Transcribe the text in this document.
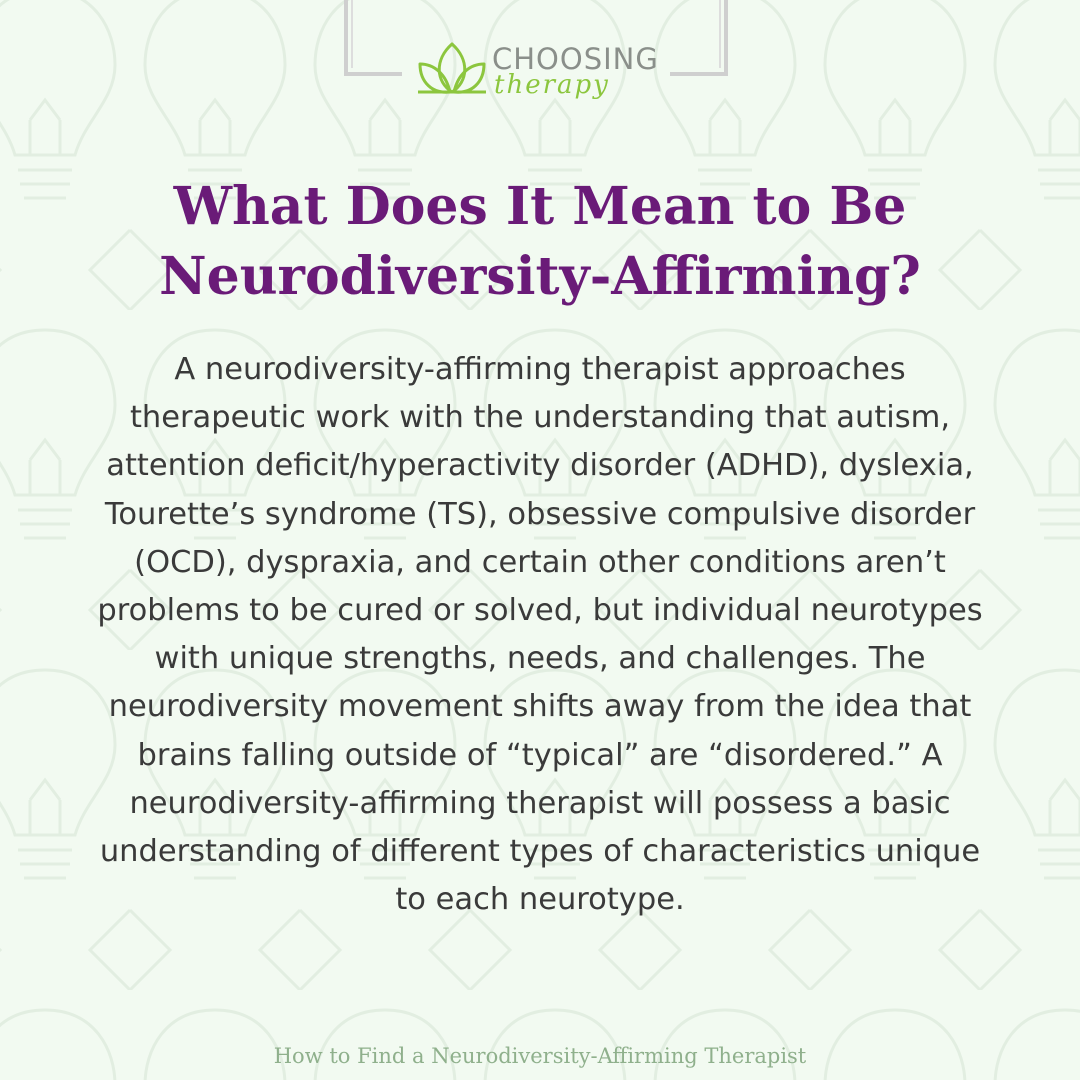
CHOOSING
therapy
What Does It Mean to Be
Neurodiversity-Affirming?

A neurodiversity-affirming therapist approaches therapeutic work with the understanding that autism, attention deficit/hyperactivity disorder (ADHD), dyslexia, Tourette’s syndrome (TS), obsessive compulsive disorder (OCD), dyspraxia, and certain other conditions aren’t problems to be cured or solved, but individual neurotypes with unique strengths, needs, and challenges. The neurodiversity movement shifts away from the idea that brains falling outside of “typical” are “disordered.” A neurodiversity-affirming therapist will possess a basic understanding of different types of characteristics unique to each neurotype.

How to Find a Neurodiversity-Affirming Therapist
